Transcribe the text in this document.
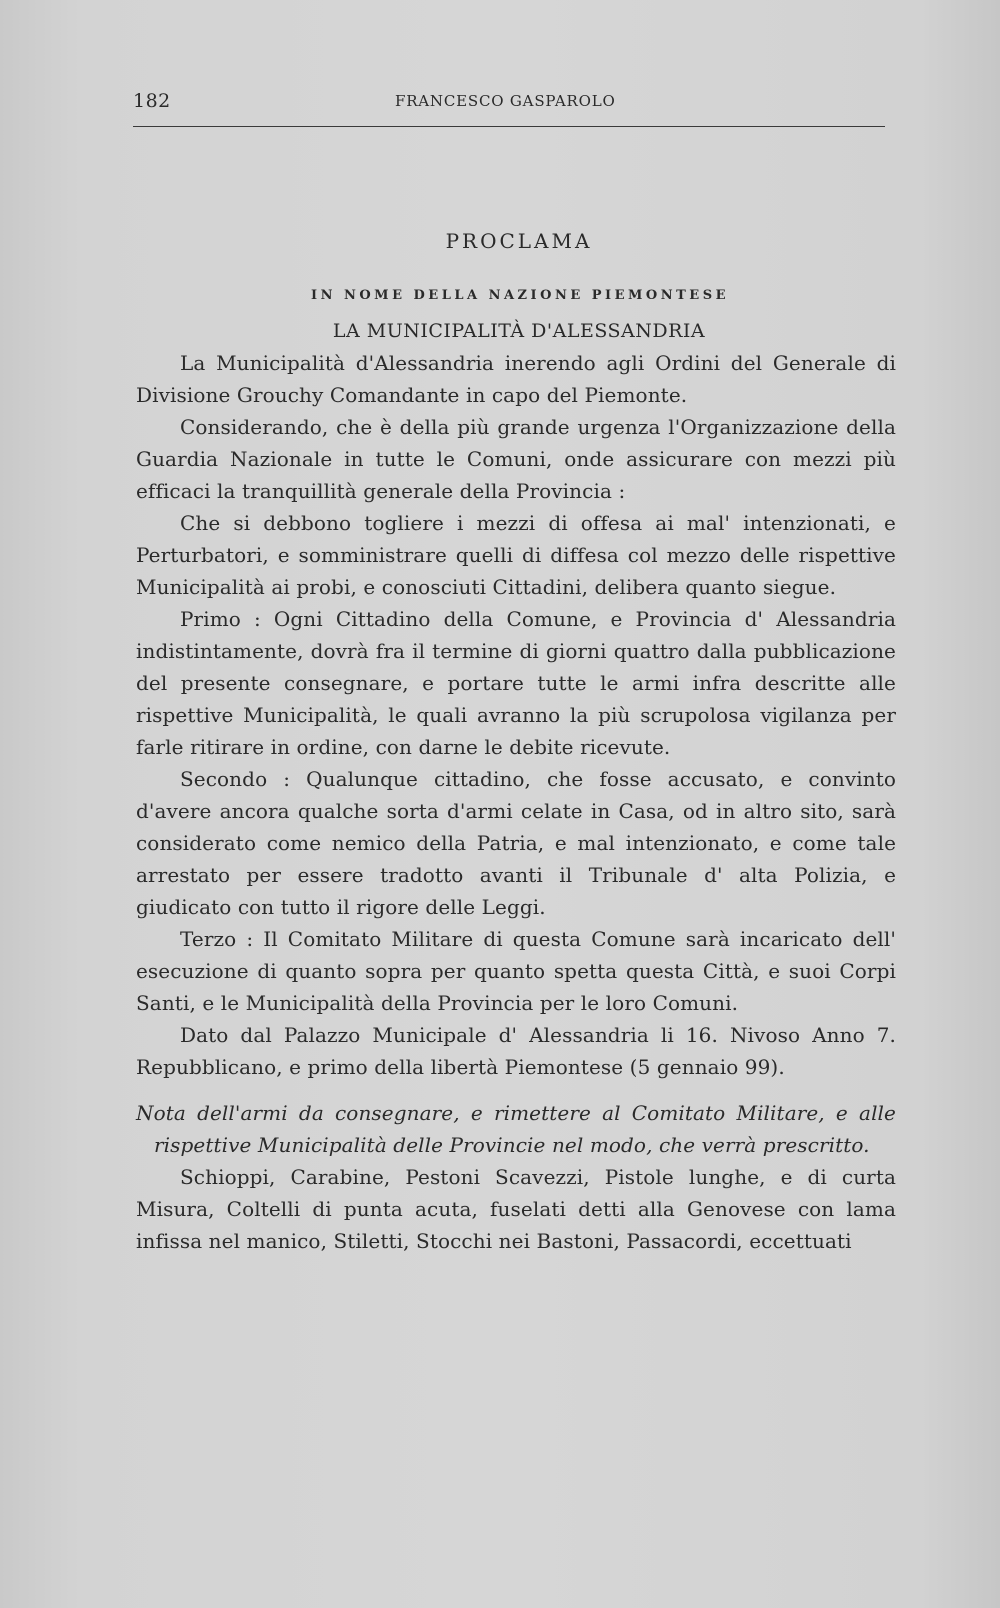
182	FRANCESCO GASPAROLO
PROCLAMA
IN NOME DELLA NAZIONE PIEMONTESE
LA MUNICIPALITÀ D'ALESSANDRIA

La Municipalità d'Alessandria inerendo agli Ordini del Generale di Divisione Grouchy Comandante in capo del Piemonte.

Considerando, che è della più grande urgenza l'Organizzazione della Guardia Nazionale in tutte le Comuni, onde assicurare con mezzi più efficaci la tranquillità generale della Provincia :

Che si debbono togliere i mezzi di offesa ai mal' intenzionati, e Perturbatori, e somministrare quelli di diffesa col mezzo delle rispettive Municipalità ai probi, e conosciuti Cittadini, delibera quanto siegue.

Primo : Ogni Cittadino della Comune, e Provincia d' Alessandria indistintamente, dovrà fra il termine di giorni quattro dalla pubblicazione del presente consegnare, e portare tutte le armi infra descritte alle rispettive Municipalità, le quali avranno la più scrupolosa vigilanza per farle ritirare in ordine, con darne le debite ricevute.

Secondo : Qualunque cittadino, che fosse accusato, e convinto d'avere ancora qualche sorta d'armi celate in Casa, od in altro sito, sarà considerato come nemico della Patria, e mal intenzionato, e come tale arrestato per essere tradotto avanti il Tribunale d' alta Polizia, e giudicato con tutto il rigore delle Leggi.

Terzo : Il Comitato Militare di questa Comune sarà incaricato dell' esecuzione di quanto sopra per quanto spetta questa Città, e suoi Corpi Santi, e le Municipalità della Provincia per le loro Comuni.

Dato dal Palazzo Municipale d' Alessandria li 16. Nivoso Anno 7. Repubblicano, e primo della libertà Piemontese (5 gennaio 99).

Nota dell'armi da consegnare, e rimettere al Comitato Militare, e alle rispettive Municipalità delle Provincie nel modo, che verrà prescritto.

Schioppi, Carabine, Pestoni Scavezzi, Pistole lunghe, e di curta Misura, Coltelli di punta acuta, fuselati detti alla Genovese con lama infissa nel manico, Stiletti, Stocchi nei Bastoni, Passacordi, eccettuati
